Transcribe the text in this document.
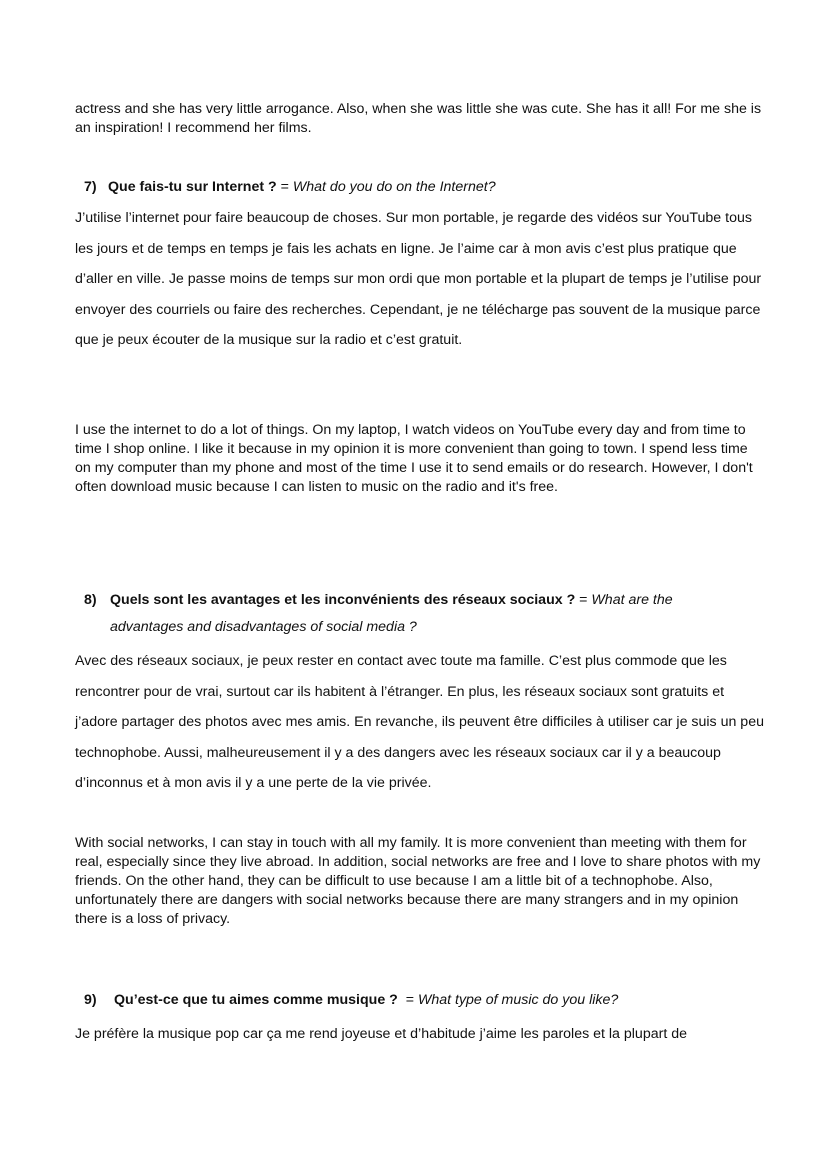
actress and she has very little arrogance. Also, when she was little she was cute. She has it all! For me she is an inspiration! I recommend her films.

7) Que fais-tu sur Internet ? = What do you do on the Internet?

J’utilise l’internet pour faire beaucoup de choses. Sur mon portable, je regarde des vidéos sur YouTube tous les jours et de temps en temps je fais les achats en ligne. Je l’aime car à mon avis c’est plus pratique que d’aller en ville. Je passe moins de temps sur mon ordi que mon portable et la plupart de temps je l’utilise pour envoyer des courriels ou faire des recherches. Cependant, je ne télécharge pas souvent de la musique parce que je peux écouter de la musique sur la radio et c’est gratuit.

I use the internet to do a lot of things. On my laptop, I watch videos on YouTube every day and from time to time I shop online. I like it because in my opinion it is more convenient than going to town. I spend less time on my computer than my phone and most of the time I use it to send emails or do research. However, I don't often download music because I can listen to music on the radio and it's free.

8) Quels sont les avantages et les inconvénients des réseaux sociaux ? = What are the advantages and disadvantages of social media ?

Avec des réseaux sociaux, je peux rester en contact avec toute ma famille. C’est plus commode que les rencontrer pour de vrai, surtout car ils habitent à l’étranger. En plus, les réseaux sociaux sont gratuits et j’adore partager des photos avec mes amis. En revanche, ils peuvent être difficiles à utiliser car je suis un peu technophobe. Aussi, malheureusement il y a des dangers avec les réseaux sociaux car il y a beaucoup d’inconnus et à mon avis il y a une perte de la vie privée.

With social networks, I can stay in touch with all my family. It is more convenient than meeting with them for real, especially since they live abroad. In addition, social networks are free and I love to share photos with my friends. On the other hand, they can be difficult to use because I am a little bit of a technophobe. Also, unfortunately there are dangers with social networks because there are many strangers and in my opinion there is a loss of privacy.

9) Qu’est-ce que tu aimes comme musique ?  = What type of music do you like?

Je préfère la musique pop car ça me rend joyeuse et d’habitude j’aime les paroles et la plupart de
